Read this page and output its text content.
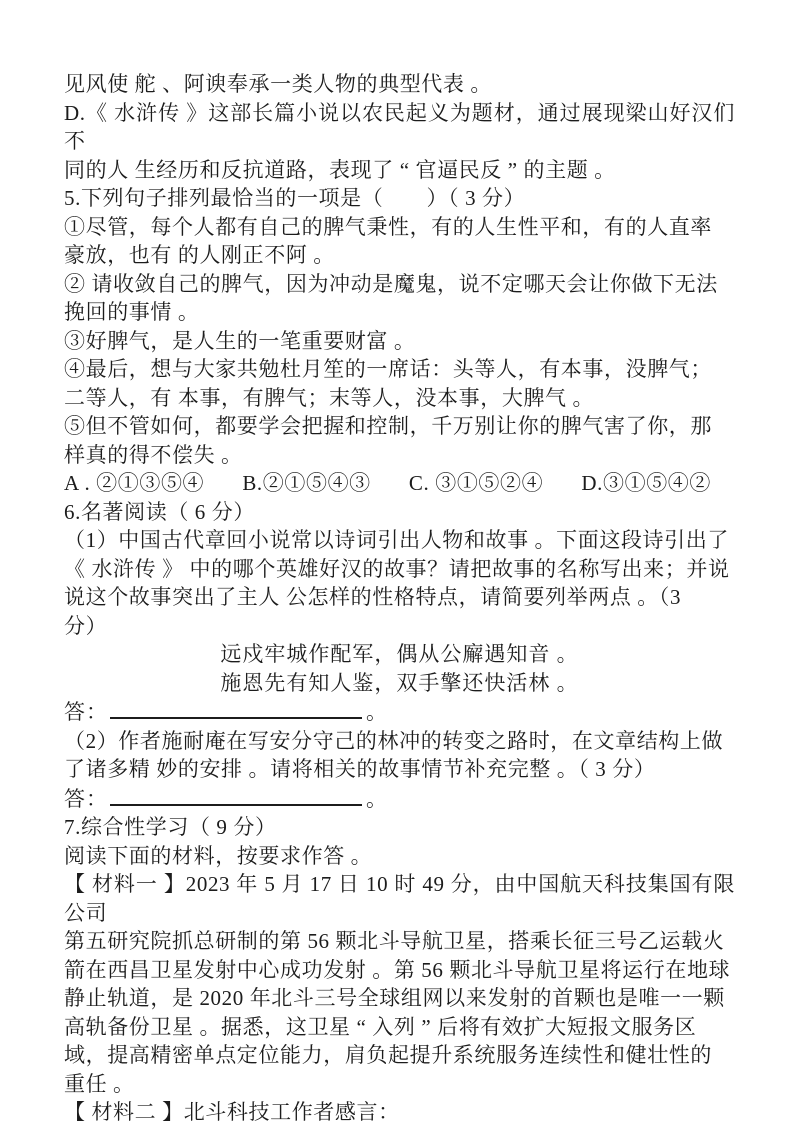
见风使 舵 、阿谀奉承一类人物的典型代表 。
D.《 水浒传 》这部长篇小说以农民起义为题材，通过展现梁山好汉们不
同的人 生经历和反抗道路，表现了 “ 官逼民反 ” 的主题 。
5.下列句子排列最恰当的一项是（　　）（ 3 分）
①尽管，每个人都有自己的脾气秉性，有的人生性平和，有的人直率
豪放，也有 的人刚正不阿 。
② 请收敛自己的脾气，因为冲动是魔鬼，说不定哪天会让你做下无法
挽回的事情 。
③好脾气，是人生的一笔重要财富 。
④最后，想与大家共勉杜月笙的一席话：头等人，有本事，没脾气；
二等人，有 本事，有脾气；末等人，没本事，大脾气 。
⑤但不管如何，都要学会把握和控制，千万别让你的脾气害了你，那
样真的得不偿失 。
A . ②①③⑤④ B.②①⑤④③ C. ③①⑤②④ D.③①⑤④②
6.名著阅读（ 6 分）
（1）中国古代章回小说常以诗词引出人物和故事 。下面这段诗引出了
《 水浒传 》 中的哪个英雄好汉的故事？请把故事的名称写出来；并说
说这个故事突出了主人 公怎样的性格特点，请简要列举两点 。（3
分）
远戍牢城作配军，偶从公廨遇知音 。
施恩先有知人鉴，双手擎还快活林 。
答：	。
（2）作者施耐庵在写安分守己的林冲的转变之路时，在文章结构上做
了诸多精 妙的安排 。请将相关的故事情节补充完整 。（ 3 分）
答：	。
7.综合性学习（ 9 分）
阅读下面的材料，按要求作答 。
【 材料一 】2023 年 5 月 17 日 10 时 49 分，由中国航天科技集国有限公司
第五研究院抓总研制的第 56 颗北斗导航卫星，搭乘长征三号乙运载火
箭在西昌卫星发射中心成功发射 。第 56 颗北斗导航卫星将运行在地球
静止轨道，是 2020 年北斗三号全球组网以来发射的首颗也是唯一一颗
高轨备份卫星 。据悉，这卫星 “ 入列 ” 后将有效扩大短报文服务区
域，提高精密单点定位能力，肩负起提升系统服务连续性和健壮性的
重任 。
【 材料二 】北斗科技工作者感言：
